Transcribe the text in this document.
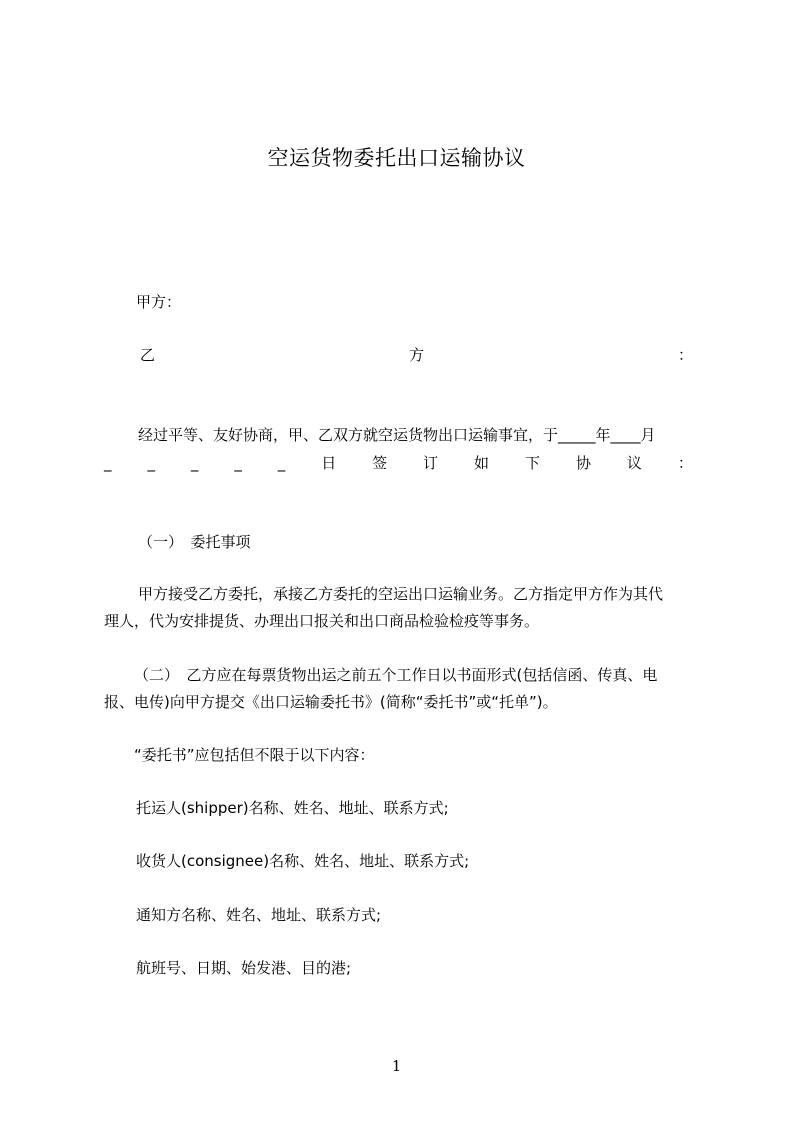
空运货物委托出口运输协议
甲方：
乙	方	：
经过平等、友好协商，甲、乙双方就空运货物出口运输事宜，于_____年____月
_ _ _ _ _ 日 签 订 如 下 协 议 ：
（一）　委托事项
甲方接受乙方委托，承接乙方委托的空运出口运输业务。乙方指定甲方作为其代
理人，代为安排提货、办理出口报关和出口商品检验检疫等事务。
（二）　乙方应在每票货物出运之前五个工作日以书面形式(包括信函、传真、电
报、电传)向甲方提交《出口运输委托书》(简称“委托书”或“托单”)。
“委托书”应包括但不限于以下内容：
托运人(shipper)名称、姓名、地址、联系方式;
收货人(consignee)名称、姓名、地址、联系方式;
通知方名称、姓名、地址、联系方式;
航班号、日期、始发港、目的港;
1
